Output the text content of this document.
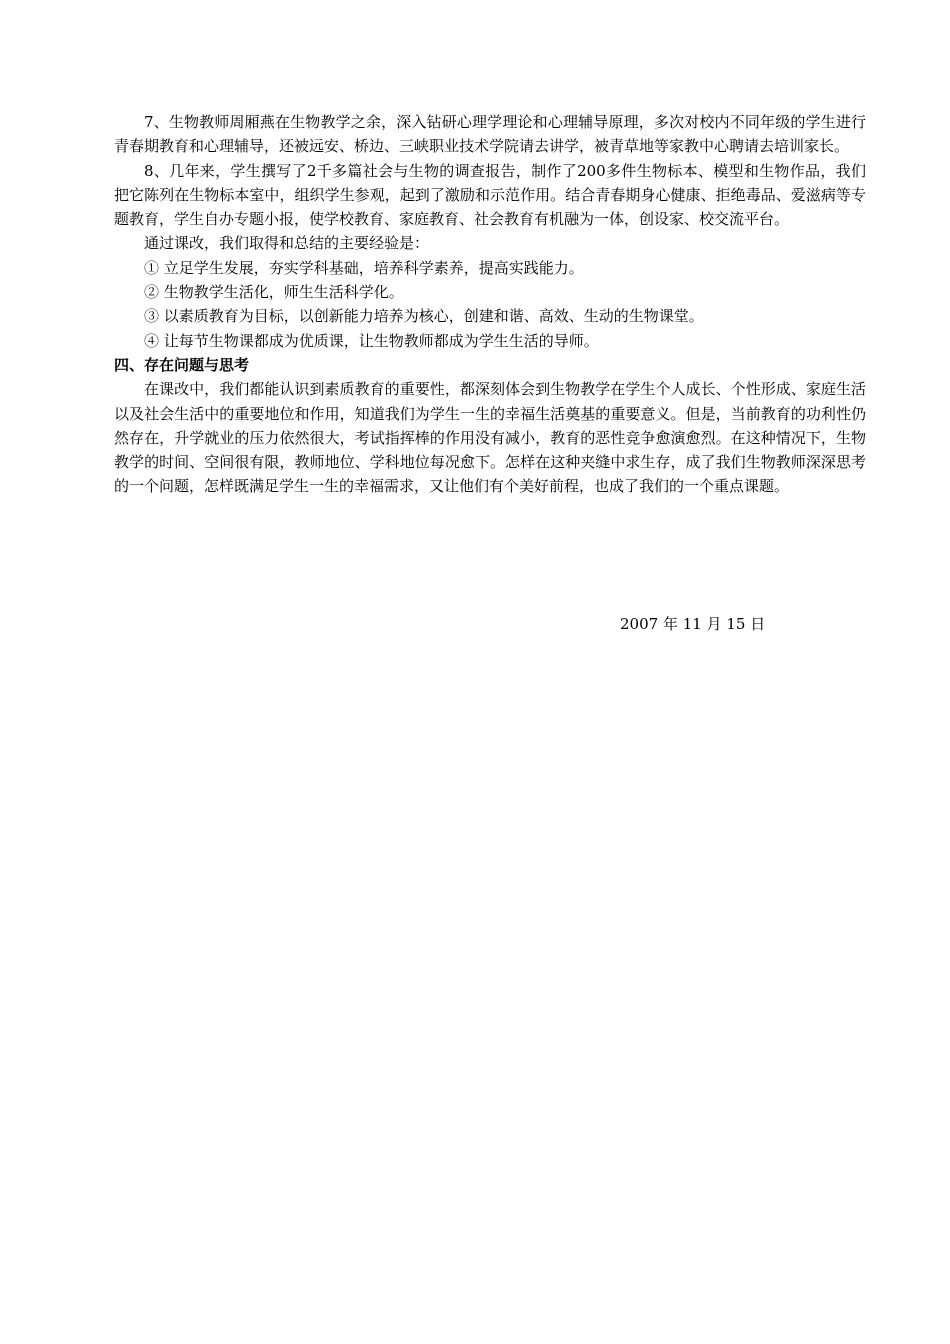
7、生物教师周厢燕在生物教学之余，深入钻研心理学理论和心理辅导原理，多次对校内不同年级的学生进行青春期教育和心理辅导，还被远安、桥边、三峡职业技术学院请去讲学，被青草地等家教中心聘请去培训家长。

8、几年来，学生撰写了2千多篇社会与生物的调查报告，制作了200多件生物标本、模型和生物作品，我们把它陈列在生物标本室中，组织学生参观，起到了激励和示范作用。结合青春期身心健康、拒绝毒品、爱滋病等专题教育，学生自办专题小报，使学校教育、家庭教育、社会教育有机融为一体，创设家、校交流平台。

通过课改，我们取得和总结的主要经验是：

① 立足学生发展，夯实学科基础，培养科学素养，提高实践能力。

② 生物教学生活化，师生生活科学化。

③ 以素质教育为目标，以创新能力培养为核心，创建和谐、高效、生动的生物课堂。

④ 让每节生物课都成为优质课，让生物教师都成为学生生活的导师。

四、存在问题与思考

在课改中，我们都能认识到素质教育的重要性，都深刻体会到生物教学在学生个人成长、个性形成、家庭生活以及社会生活中的重要地位和作用，知道我们为学生一生的幸福生活奠基的重要意义。但是，当前教育的功利性仍然存在，升学就业的压力依然很大，考试指挥棒的作用没有减小，教育的恶性竞争愈演愈烈。在这种情况下，生物教学的时间、空间很有限，教师地位、学科地位每况愈下。怎样在这种夹缝中求生存，成了我们生物教师深深思考的一个问题，怎样既满足学生一生的幸福需求，又让他们有个美好前程，也成了我们的一个重点课题。

2007 年 11 月 15 日
